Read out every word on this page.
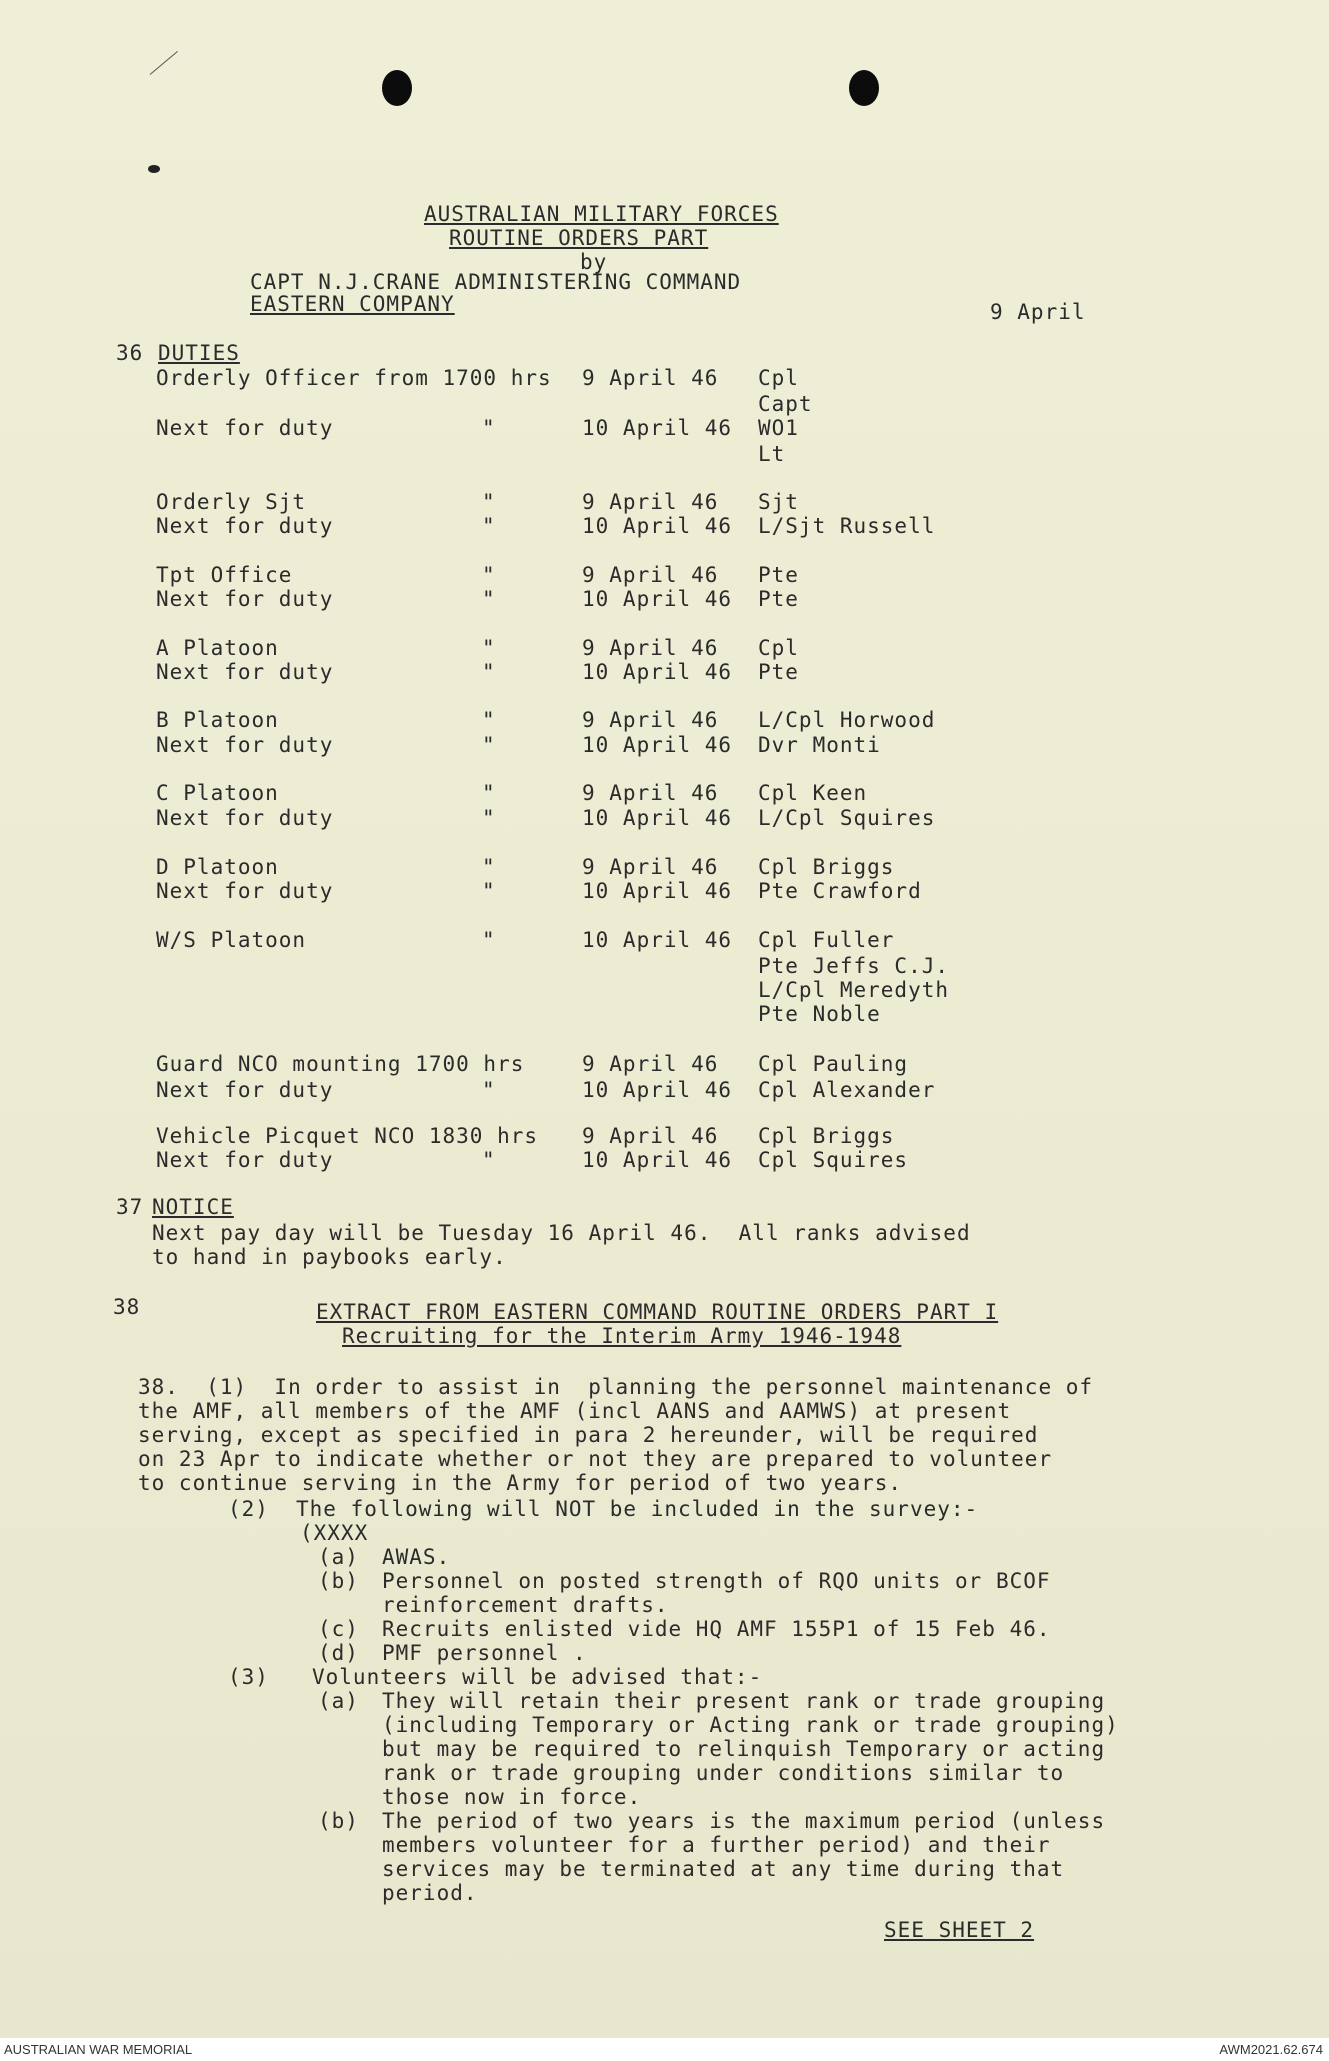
AUSTRALIAN MILITARY FORCES
ROUTINE ORDERS PART
by
CAPT N.J.CRANE ADMINISTERING COMMAND
EASTERN COMPANY	9 April
36 DUTIES
Orderly Officer from 1700 hrs 9 April 46 Cpl
Capt
Next for duty	"	10 April 46 WO1
Lt
Orderly Sjt	"	9 April 46 Sjt
Next for duty	"	10 April 46 L/Sjt Russell
Tpt Office	"	9 April 46 Pte
Next for duty	"	10 April 46 Pte
A Platoon	"	9 April 46 Cpl
Next for duty	"	10 April 46 Pte
B Platoon	"	9 April 46 L/Cpl Horwood
Next for duty	"	10 April 46 Dvr Monti
C Platoon	"	9 April 46 Cpl Keen
Next for duty	"	10 April 46 L/Cpl Squires
D Platoon	"	9 April 46 Cpl Briggs
Next for duty	"	10 April 46 Pte Crawford
W/S Platoon	"	10 April 46 Cpl Fuller
Pte Jeffs C.J.
L/Cpl Meredyth
Pte Noble
Guard NCO mounting 1700 hrs	9 April 46 Cpl Pauling
Next for duty	"	10 April 46 Cpl Alexander
Vehicle Picquet NCO 1830 hrs 9 April 46 Cpl Briggs
Next for duty	"	10 April 46 Cpl Squires
37 NOTICE
Next pay day will be Tuesday 16 April 46.  All ranks advised
to hand in paybooks early.
38	EXTRACT FROM EASTERN COMMAND ROUTINE ORDERS PART I
Recruiting for the Interim Army 1946-1948
38.  (1)  In order to assist in  planning the personnel maintenance of
the AMF, all members of the AMF (incl AANS and AAMWS) at present
serving, except as specified in para 2 hereunder, will be required
on 23 Apr to indicate whether or not they are prepared to volunteer
to continue serving in the Army for period of two years.
(2) The following will NOT be included in the survey:-
(XXXX
(a) AWAS.
(b) Personnel on posted strength of RQO units or BCOF
reinforcement drafts.
(c) Recruits enlisted vide HQ AMF 155P1 of 15 Feb 46.
(d) PMF personnel .
(3) Volunteers will be advised that:-
(a) They will retain their present rank or trade grouping
(including Temporary or Acting rank or trade grouping)
but may be required to relinquish Temporary or acting
rank or trade grouping under conditions similar to
those now in force.
(b) The period of two years is the maximum period (unless
members volunteer for a further period) and their
services may be terminated at any time during that
period.
SEE SHEET 2
AUSTRALIAN WAR MEMORIAL	AWM2021.62.674
